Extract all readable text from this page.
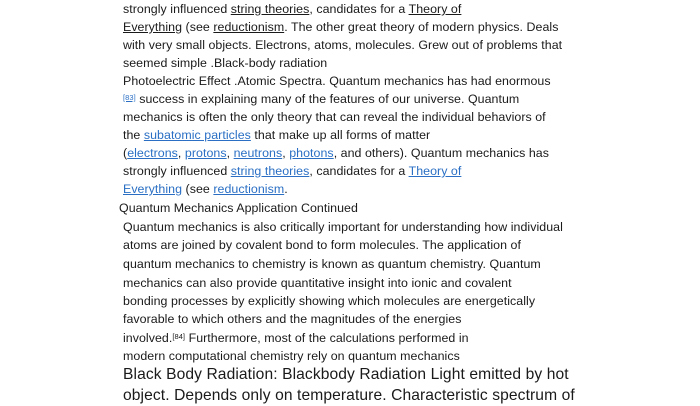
strongly influenced string theories, candidates for a Theory of
Everything (see reductionism. The other great theory of modern physics. Deals
with very small objects. Electrons, atoms, molecules. Grew out of problems that
seemed simple .Black-body radiation
Photoelectric Effect .Atomic Spectra. Quantum mechanics has had enormous
[83] success in explaining many of the features of our universe. Quantum
mechanics is often the only theory that can reveal the individual behaviors of
the subatomic particles that make up all forms of matter
(electrons, protons, neutrons, photons, and others). Quantum mechanics has
strongly influenced string theories, candidates for a Theory of
Everything (see reductionism.
Quantum Mechanics Application Continued
Quantum mechanics is also critically important for understanding how individual
atoms are joined by covalent bond to form molecules. The application of
quantum mechanics to chemistry is known as quantum chemistry. Quantum
mechanics can also provide quantitative insight into ionic and covalent
bonding processes by explicitly showing which molecules are energetically
favorable to which others and the magnitudes of the energies
involved.[84] Furthermore, most of the calculations performed in
modern computational chemistry rely on quantum mechanics
Black Body Radiation: Blackbody Radiation Light emitted by hot
object. Depends only on temperature. Characteristic spectrum of
